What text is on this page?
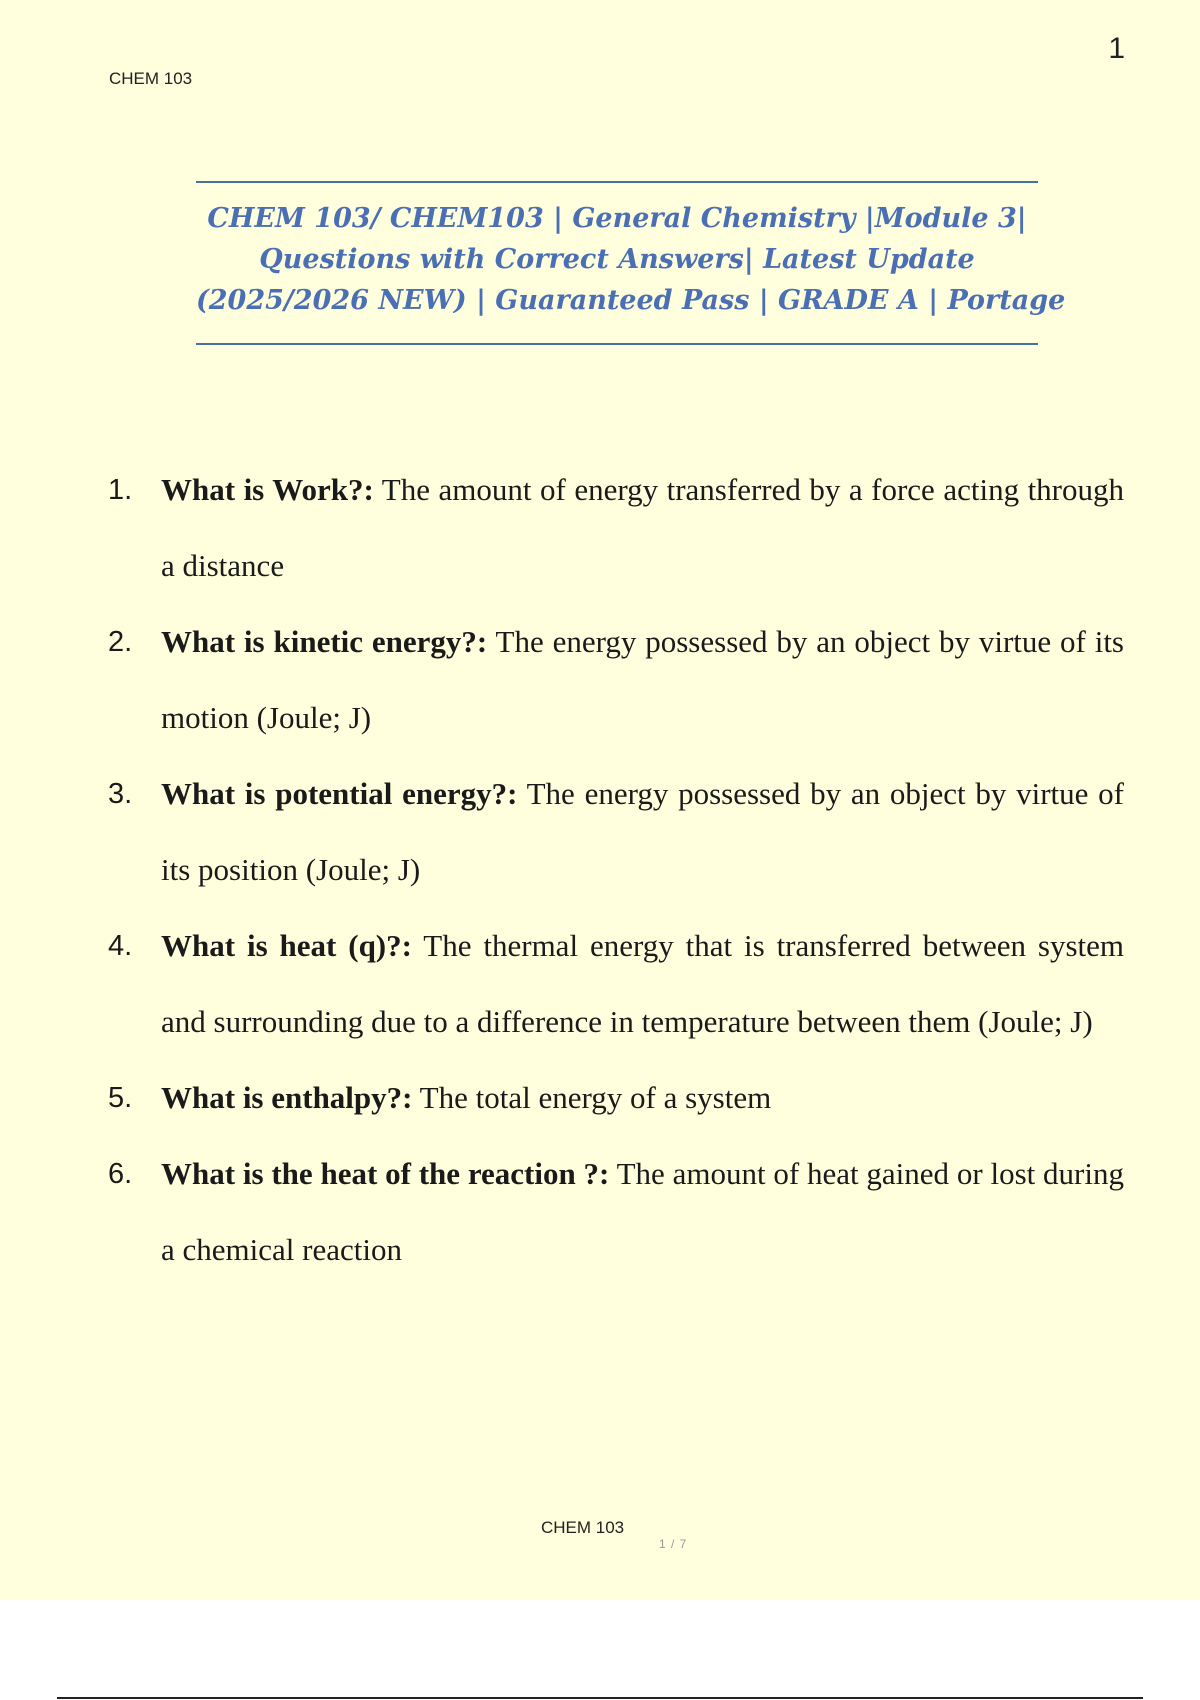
CHEM 103
1
CHEM 103/ CHEM103 | General Chemistry |Module 3|
Questions with Correct Answers| Latest Update
(2025/2026 NEW) | Guaranteed Pass | GRADE A | Portage
1. What is Work?: The amount of energy transferred by a force acting through a distance
2. What is kinetic energy?: The energy possessed by an object by virtue of its motion (Joule; J)
3. What is potential energy?: The energy possessed by an object by virtue of its position (Joule; J)
4. What is heat (q)?: The thermal energy that is transferred between system and surrounding due to a difference in temperature between them (Joule; J)
5. What is enthalpy?: The total energy of a system
6. What is the heat of the reaction ?: The amount of heat gained or lost during a chemical reaction
CHEM 103
1 / 7
